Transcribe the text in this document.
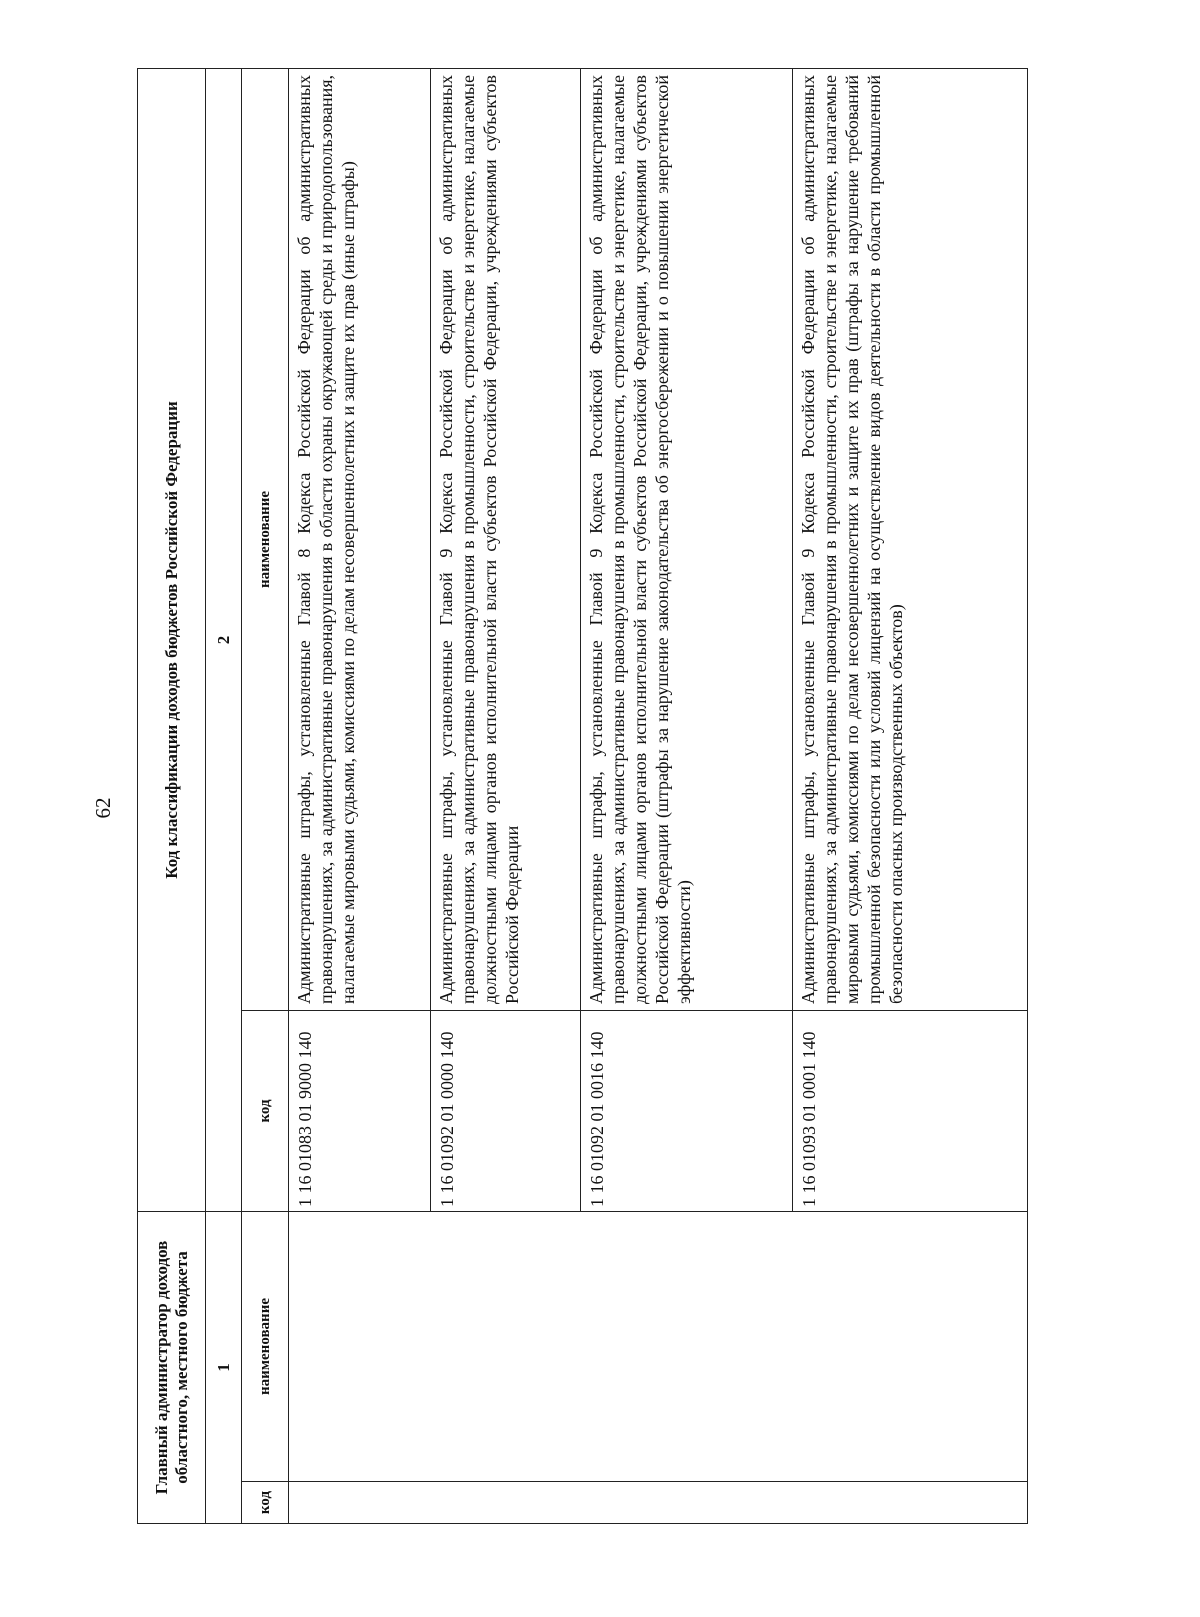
62
Главный администратор доходов областного, местного бюджета		Код классификации доходов бюджетов Российской Федерации	
1		2	
код	наименование	код	наименование
		1 16 01083 01 9000 140	Административные штрафы, установленные Главой 8 Кодекса Российской Федерации об административных правонарушениях, за административные правонарушения в области охраны окружающей среды и природопользования, налагаемые мировыми судьями, комиссиями по делам несовершеннолетних и защите их прав (иные штрафы)
		1 16 01092 01 0000 140	Административные штрафы, установленные Главой 9 Кодекса Российской Федерации об административных правонарушениях, за административные правонарушения в промышленности, строительстве и энергетике, налагаемые должностными лицами органов исполнительной власти субъектов Российской Федерации, учреждениями субъектов Российской Федерации
		1 16 01092 01 0016 140	Административные штрафы, установленные Главой 9 Кодекса Российской Федерации об административных правонарушениях, за административные правонарушения в промышленности, строительстве и энергетике, налагаемые должностными лицами органов исполнительной власти субъектов Российской Федерации, учреждениями субъектов Российской Федерации (штрафы за нарушение законодательства об энергосбережении и о повышении энергетической эффективности)
		1 16 01093 01 0001 140	Административные штрафы, установленные Главой 9 Кодекса Российской Федерации об административных правонарушениях, за административные правонарушения в промышленности, строительстве и энергетике, налагаемые мировыми судьями, комиссиями по делам несовершеннолетних и защите их прав (штрафы за нарушение требований промышленной безопасности или условий лицензий на осуществление видов деятельности в области промышленной безопасности опасных производственных объектов)
